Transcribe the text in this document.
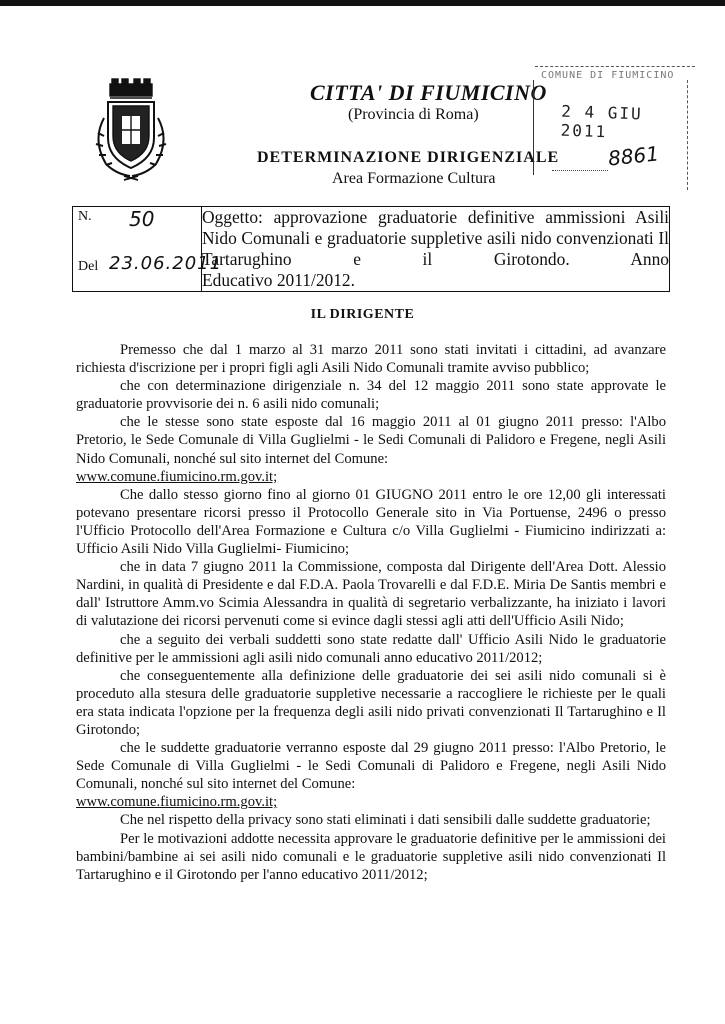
CITTA' DI FIUMICINO
(Provincia di Roma)
DETERMINAZIONE DIRIGENZIALE
Area Formazione Cultura
COMUNE DI FIUMICINO
2 4 GIU 2011
8861
N. 50
Del 23.06.2011
	Oggetto: approvazione graduatorie definitive ammissioni Asili Nido Comunali e graduatorie suppletive asili nido convenzionati Il Tartarughino e il Girotondo. Anno
Educativo 2011/2012.
IL DIRIGENTE

Premesso che dal 1 marzo al 31 marzo 2011 sono stati invitati i cittadini, ad avanzare richiesta d'iscrizione per i propri figli agli Asili Nido Comunali tramite avviso pubblico;

che con determinazione dirigenziale n. 34 del 12 maggio 2011 sono state approvate le graduatorie provvisorie dei n. 6 asili nido comunali;

che le stesse sono state esposte dal 16 maggio 2011 al 01 giugno 2011 presso: l'Albo Pretorio, le Sede Comunale di Villa Guglielmi - le Sedi Comunali di Palidoro e Fregene, negli Asili Nido Comunali, nonché sul sito internet del Comune:

www.comune.fiumicino.rm.gov.it;

Che dallo stesso giorno fino al giorno 01 GIUGNO 2011 entro le ore 12,00 gli interessati potevano presentare ricorsi presso il Protocollo Generale sito in Via Portuense, 2496 o presso l'Ufficio Protocollo dell'Area Formazione e Cultura c/o Villa Guglielmi - Fiumicino indirizzati a: Ufficio Asili Nido Villa Guglielmi- Fiumicino;

che in data 7 giugno 2011 la Commissione, composta dal Dirigente dell'Area Dott. Alessio Nardini, in qualità di Presidente e dal F.D.A. Paola Trovarelli e dal F.D.E. Miria De Santis membri e dall' Istruttore Amm.vo Scimia Alessandra in qualità di segretario verbalizzante, ha iniziato i lavori di valutazione dei ricorsi pervenuti come si evince dagli stessi agli atti dell'Ufficio Asili Nido;

che a seguito dei verbali suddetti sono state redatte dall' Ufficio Asili Nido le graduatorie definitive per le ammissioni agli asili nido comunali anno educativo 2011/2012;

che conseguentemente alla definizione delle graduatorie dei sei asili nido comunali si è proceduto alla stesura delle graduatorie suppletive necessarie a raccogliere le richieste per le quali era stata indicata l'opzione per la frequenza degli asili nido privati convenzionati Il Tartarughino e Il Girotondo;

che le suddette graduatorie verranno esposte dal 29 giugno 2011 presso: l'Albo Pretorio, le Sede Comunale di Villa Guglielmi - le Sedi Comunali di Palidoro e Fregene, negli Asili Nido Comunali, nonché sul sito internet del Comune:

www.comune.fiumicino.rm.gov.it;

Che nel rispetto della privacy sono stati eliminati i dati sensibili dalle suddette graduatorie;

Per le motivazioni addotte necessita approvare le graduatorie definitive per le ammissioni dei bambini/bambine ai sei asili nido comunali e le graduatorie suppletive asili nido convenzionati Il Tartarughino e il Girotondo per l'anno educativo 2011/2012;
